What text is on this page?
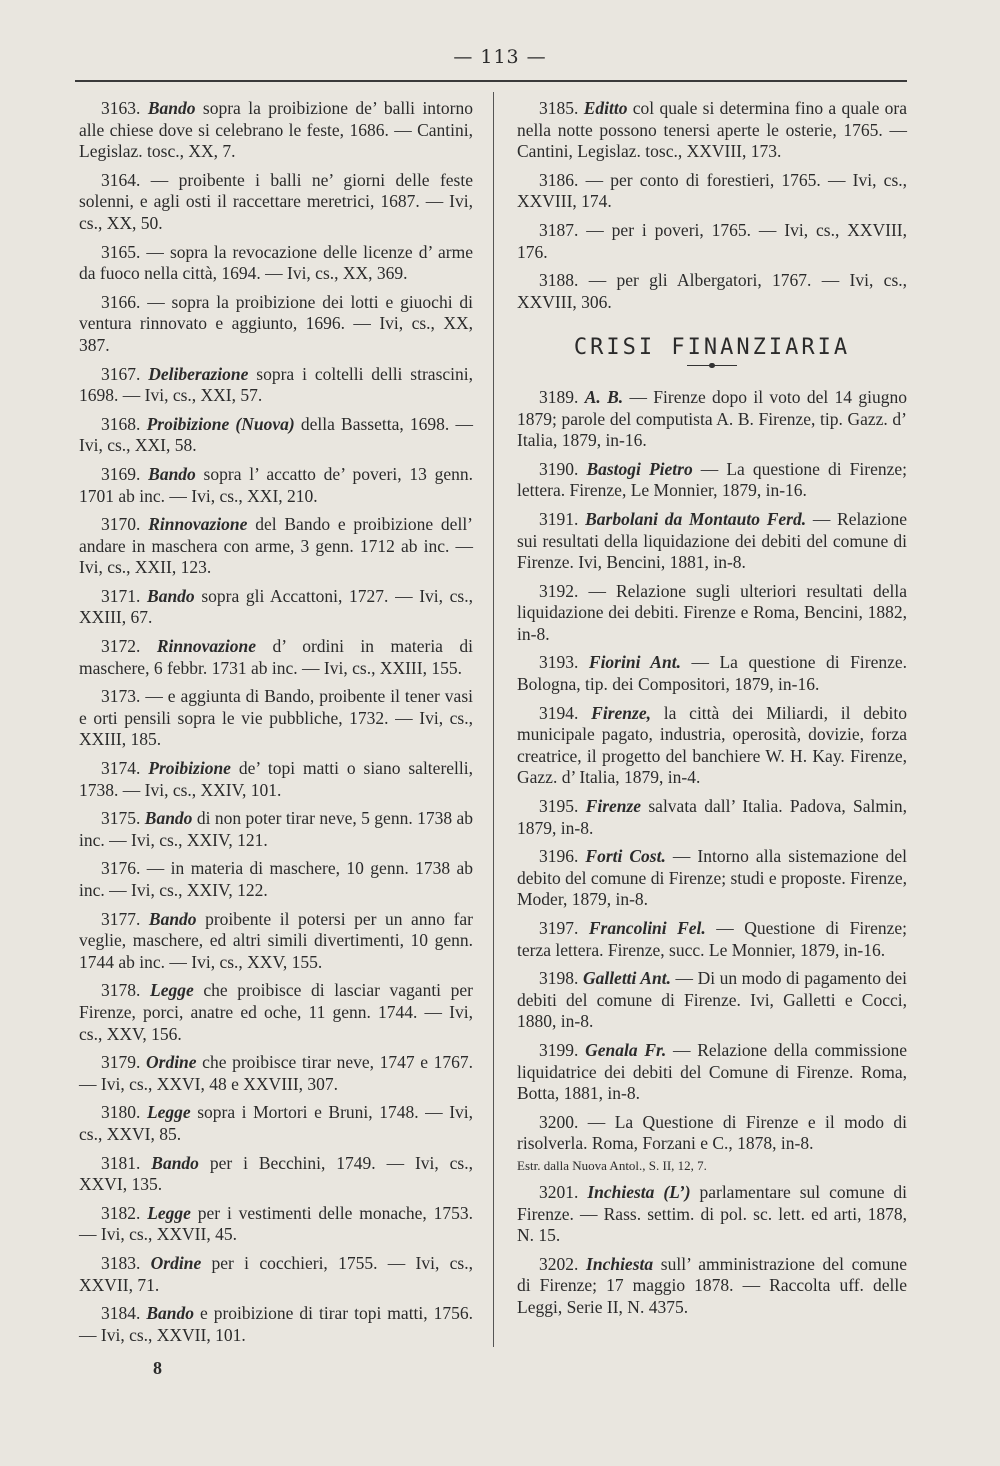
— 113 —

3163. Bando sopra la proibizione de’ balli intorno alle chiese dove si celebrano le feste, 1686. — Cantini, Legislaz. tosc., XX, 7.

3164. — proibente i balli ne’ giorni delle feste solenni, e agli osti il raccettare meretrici, 1687. — Ivi, cs., XX, 50.

3165. — sopra la revocazione delle licenze d’ arme da fuoco nella città, 1694. — Ivi, cs., XX, 369.

3166. — sopra la proibizione dei lotti e giuochi di ventura rinnovato e aggiunto, 1696. — Ivi, cs., XX, 387.

3167. Deliberazione sopra i coltelli delli strascini, 1698. — Ivi, cs., XXI, 57.

3168. Proibizione (Nuova) della Bassetta, 1698. — Ivi, cs., XXI, 58.

3169. Bando sopra l’ accatto de’ poveri, 13 genn. 1701 ab inc. — Ivi, cs., XXI, 210.

3170. Rinnovazione del Bando e proibizione dell’ andare in maschera con arme, 3 genn. 1712 ab inc. — Ivi, cs., XXII, 123.

3171. Bando sopra gli Accattoni, 1727. — Ivi, cs., XXIII, 67.

3172. Rinnovazione d’ ordini in materia di maschere, 6 febbr. 1731 ab inc. — Ivi, cs., XXIII, 155.

3173. — e aggiunta di Bando, proibente il tener vasi e orti pensili sopra le vie pubbliche, 1732. — Ivi, cs., XXIII, 185.

3174. Proibizione de’ topi matti o siano salterelli, 1738. — Ivi, cs., XXIV, 101.

3175. Bando di non poter tirar neve, 5 genn. 1738 ab inc. — Ivi, cs., XXIV, 121.

3176. — in materia di maschere, 10 genn. 1738 ab inc. — Ivi, cs., XXIV, 122.

3177. Bando proibente il potersi per un anno far veglie, maschere, ed altri simili divertimenti, 10 genn. 1744 ab inc. — Ivi, cs., XXV, 155.

3178. Legge che proibisce di lasciar vaganti per Firenze, porci, anatre ed oche, 11 genn. 1744. — Ivi, cs., XXV, 156.

3179. Ordine che proibisce tirar neve, 1747 e 1767. — Ivi, cs., XXVI, 48 e XXVIII, 307.

3180. Legge sopra i Mortori e Bruni, 1748. — Ivi, cs., XXVI, 85.

3181. Bando per i Becchini, 1749. — Ivi, cs., XXVI, 135.

3182. Legge per i vestimenti delle monache, 1753. — Ivi, cs., XXVII, 45.

3183. Ordine per i cocchieri, 1755. — Ivi, cs., XXVII, 71.

3184. Bando e proibizione di tirar topi matti, 1756. — Ivi, cs., XXVII, 101.

3185. Editto col quale si determina fino a quale ora nella notte possono tenersi aperte le osterie, 1765. — Cantini, Legislaz. tosc., XXVIII, 173.

3186. — per conto di forestieri, 1765. — Ivi, cs., XXVIII, 174.

3187. — per i poveri, 1765. — Ivi, cs., XXVIII, 176.

3188. — per gli Albergatori, 1767. — Ivi, cs., XXVIII, 306.

CRISI FINANZIARIA

3189. A. B. — Firenze dopo il voto del 14 giugno 1879; parole del computista A. B. Firenze, tip. Gazz. d’ Italia, 1879, in-16.

3190. Bastogi Pietro — La questione di Firenze; lettera. Firenze, Le Monnier, 1879, in-16.

3191. Barbolani da Montauto Ferd. — Relazione sui resultati della liquidazione dei debiti del comune di Firenze. Ivi, Bencini, 1881, in-8.

3192. — Relazione sugli ulteriori resultati della liquidazione dei debiti. Firenze e Roma, Bencini, 1882, in-8.

3193. Fiorini Ant. — La questione di Firenze. Bologna, tip. dei Compositori, 1879, in-16.

3194. Firenze, la città dei Miliardi, il debito municipale pagato, industria, operosità, dovizie, forza creatrice, il progetto del banchiere W. H. Kay. Firenze, Gazz. d’ Italia, 1879, in-4.

3195. Firenze salvata dall’ Italia. Padova, Salmin, 1879, in-8.

3196. Forti Cost. — Intorno alla sistemazione del debito del comune di Firenze; studi e proposte. Firenze, Moder, 1879, in-8.

3197. Francolini Fel. — Questione di Firenze; terza lettera. Firenze, succ. Le Monnier, 1879, in-16.

3198. Galletti Ant. — Di un modo di pagamento dei debiti del comune di Firenze. Ivi, Galletti e Cocci, 1880, in-8.

3199. Genala Fr. — Relazione della commissione liquidatrice dei debiti del Comune di Firenze. Roma, Botta, 1881, in-8.

3200. — La Questione di Firenze e il modo di risolverla. Roma, Forzani e C., 1878, in-8.
Estr. dalla Nuova Antol., S. II, 12, 7.

3201. Inchiesta (L’) parlamentare sul comune di Firenze. — Rass. settim. di pol. sc. lett. ed arti, 1878, N. 15.

3202. Inchiesta sull’ amministrazione del comune di Firenze; 17 maggio 1878. — Raccolta uff. delle Leggi, Serie II, N. 4375.

8
